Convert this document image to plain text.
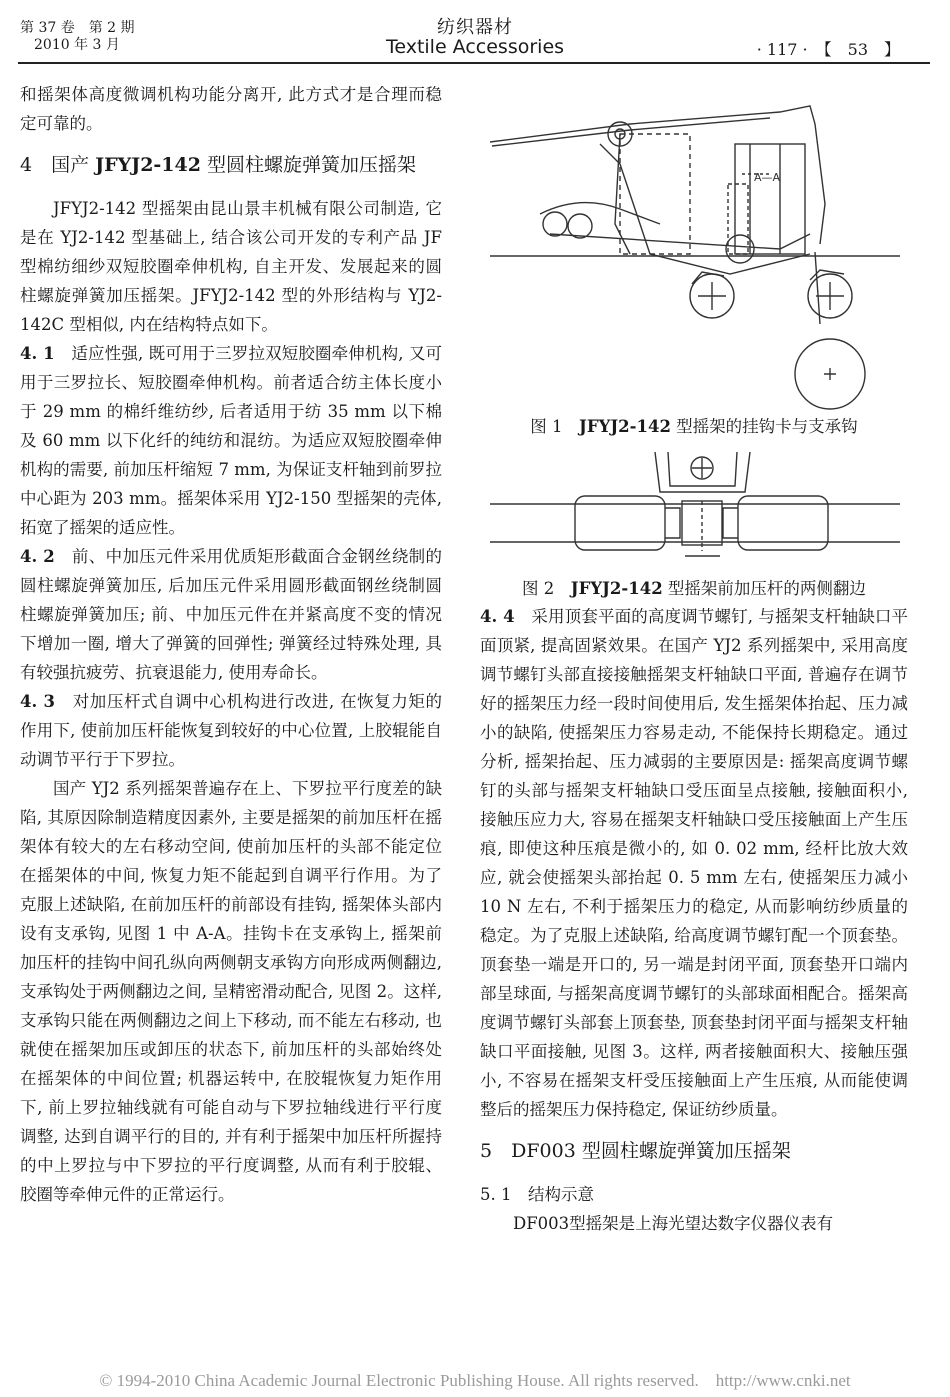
第 37 卷　第 2 期
2010 年 3 月
纺织器材
Textile Accessories	· 117 ·　【　53　】

和摇架体高度微调机构功能分离开, 此方式才是合理而稳定可靠的。

4　 国产 JFYJ2-142 型圆柱螺旋弹簧加压摇架

JFYJ2-142 型摇架由昆山景丰机械有限公司制造, 它是在 YJ2-142 型基础上, 结合该公司开发的专利产品 JF 型棉纺细纱双短胶圈牵伸机构, 自主开发、发展起来的圆柱螺旋弹簧加压摇架。JFYJ2-142 型的外形结构与 YJ2-142C 型相似, 内在结构特点如下。

4. 1　 适应性强, 既可用于三罗拉双短胶圈牵伸机构, 又可用于三罗拉长、短胶圈牵伸机构。前者适合纺主体长度小于 29 mm 的棉纤维纺纱, 后者适用于纺 35 mm 以下棉及 60 mm 以下化纤的纯纺和混纺。为适应双短胶圈牵伸机构的需要, 前加压杆缩短 7 mm, 为保证支杆轴到前罗拉中心距为 203 mm。摇架体采用 YJ2-150 型摇架的壳体, 拓宽了摇架的适应性。

4. 2　 前、中加压元件采用优质矩形截面合金钢丝绕制的圆柱螺旋弹簧加压, 后加压元件采用圆形截面钢丝绕制圆柱螺旋弹簧加压; 前、中加压元件在并紧高度不变的情况下增加一圈, 增大了弹簧的回弹性; 弹簧经过特殊处理, 具有较强抗疲劳、抗衰退能力, 使用寿命长。

4. 3　 对加压杆式自调中心机构进行改进, 在恢复力矩的作用下, 使前加压杆能恢复到较好的中心位置, 上胶辊能自动调节平行于下罗拉。

国产 YJ2 系列摇架普遍存在上、下罗拉平行度差的缺陷, 其原因除制造精度因素外, 主要是摇架的前加压杆在摇架体有较大的左右移动空间, 使前加压杆的头部不能定位在摇架体的中间, 恢复力矩不能起到自调平行作用。为了克服上述缺陷, 在前加压杆的前部设有挂钩, 摇架体头部内设有支承钩, 见图 1 中 A-A。挂钩卡在支承钩上, 摇架前加压杆的挂钩中间孔纵向两侧朝支承钩方向形成两侧翻边, 支承钩处于两侧翻边之间, 呈精密滑动配合, 见图 2。这样, 支承钩只能在两侧翻边之间上下移动, 而不能左右移动, 也就使在摇架加压或卸压的状态下, 前加压杆的头部始终处在摇架体的中间位置; 机器运转中, 在胶辊恢复力矩作用下, 前上罗拉轴线就有可能自动与下罗拉轴线进行平行度调整, 达到自调平行的目的, 并有利于摇架中加压杆所握持的中上罗拉与中下罗拉的平行度调整, 从而有利于胶辊、胶圈等牵伸元件的正常运行。

A—A
图 1　JFYJ2-142 型摇架的挂钩卡与支承钩
图 2　JFYJ2-142 型摇架前加压杆的两侧翻边

4. 4　 采用顶套平面的高度调节螺钉, 与摇架支杆轴缺口平面顶紧, 提高固紧效果。在国产 YJ2 系列摇架中, 采用高度调节螺钉头部直接接触摇架支杆轴缺口平面, 普遍存在调节好的摇架压力经一段时间使用后, 发生摇架体抬起、压力减小的缺陷, 使摇架压力容易走动, 不能保持长期稳定。通过分析, 摇架抬起、压力减弱的主要原因是: 摇架高度调节螺钉的头部与摇架支杆轴缺口受压面呈点接触, 接触面积小, 接触压应力大, 容易在摇架支杆轴缺口受压接触面上产生压痕, 即使这种压痕是微小的, 如 0. 02 mm, 经杆比放大效应, 就会使摇架头部抬起 0. 5 mm 左右, 使摇架压力减小 10 N 左右, 不利于摇架压力的稳定, 从而影响纺纱质量的稳定。为了克服上述缺陷, 给高度调节螺钉配一个顶套垫。顶套垫一端是开口的, 另一端是封闭平面, 顶套垫开口端内部呈球面, 与摇架高度调节螺钉的头部球面相配合。摇架高度调节螺钉头部套上顶套垫, 顶套垫封闭平面与摇架支杆轴缺口平面接触, 见图 3。这样, 两者接触面积大、接触压强小, 不容易在摇架支杆受压接触面上产生压痕, 从而能使调整后的摇架压力保持稳定, 保证纺纱质量。

5　 DF003 型圆柱螺旋弹簧加压摇架

5. 1　 结构示意

DF003型摇架是上海光望达数字仪器仪表有

© 1994-2010 China Academic Journal Electronic Publishing House. All rights reserved.　http://www.cnki.net
